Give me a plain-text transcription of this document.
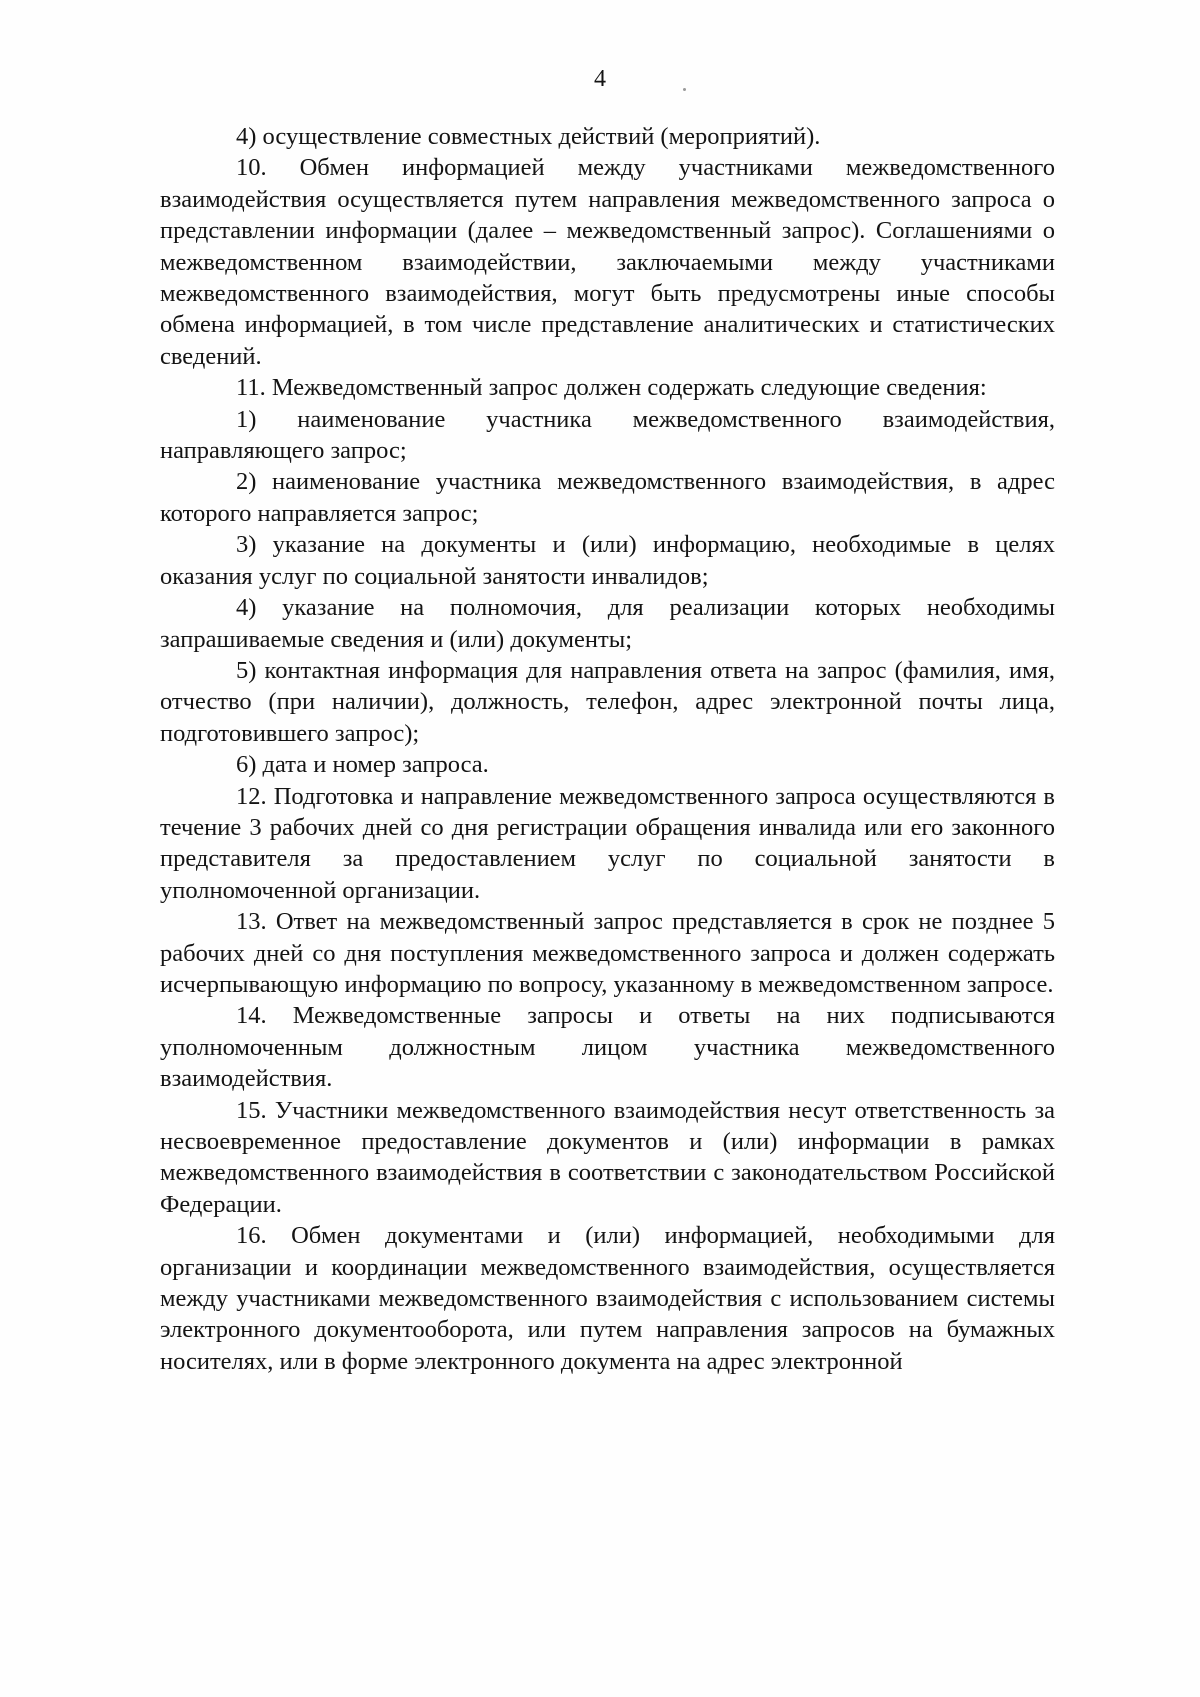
4

4) осуществление совместных действий (мероприятий).

10. Обмен информацией между участниками межведомственного взаимодействия осуществляется путем направления межведомственного запроса о представлении информации (далее – межведомственный запрос). Соглашениями о межведомственном взаимодействии, заключаемыми между участниками межведомственного взаимодействия, могут быть предусмотрены иные способы обмена информацией, в том числе представление аналитических и статистических сведений.

11. Межведомственный запрос должен содержать следующие сведения:

1) наименование участника межведомственного взаимодействия, направляющего запрос;

2) наименование участника межведомственного взаимодействия, в адрес которого направляется запрос;

3) указание на документы и (или) информацию, необходимые в целях оказания услуг по социальной занятости инвалидов;

4) указание на полномочия, для реализации которых необходимы запрашиваемые сведения и (или) документы;

5) контактная информация для направления ответа на запрос (фамилия, имя, отчество (при наличии), должность, телефон, адрес электронной почты лица, подготовившего запрос);

6) дата и номер запроса.

12. Подготовка и направление межведомственного запроса осуществляются в течение 3 рабочих дней со дня регистрации обращения инвалида или его законного представителя за предоставлением услуг по социальной занятости в уполномоченной организации.

13. Ответ на межведомственный запрос представляется в срок не позднее 5 рабочих дней со дня поступления межведомственного запроса и должен содержать исчерпывающую информацию по вопросу, указанному в межведомственном запросе.

14. Межведомственные запросы и ответы на них подписываются уполномоченным должностным лицом участника межведомственного взаимодействия.

15. Участники межведомственного взаимодействия несут ответственность за несвоевременное предоставление документов и (или) информации в рамках межведомственного взаимодействия в соответствии с законодательством Российской Федерации.

16. Обмен документами и (или) информацией, необходимыми для организации и координации межведомственного взаимодействия, осуществляется между участниками межведомственного взаимодействия с использованием системы электронного документооборота, или путем направления запросов на бумажных носителях, или в форме электронного документа на адрес электронной
